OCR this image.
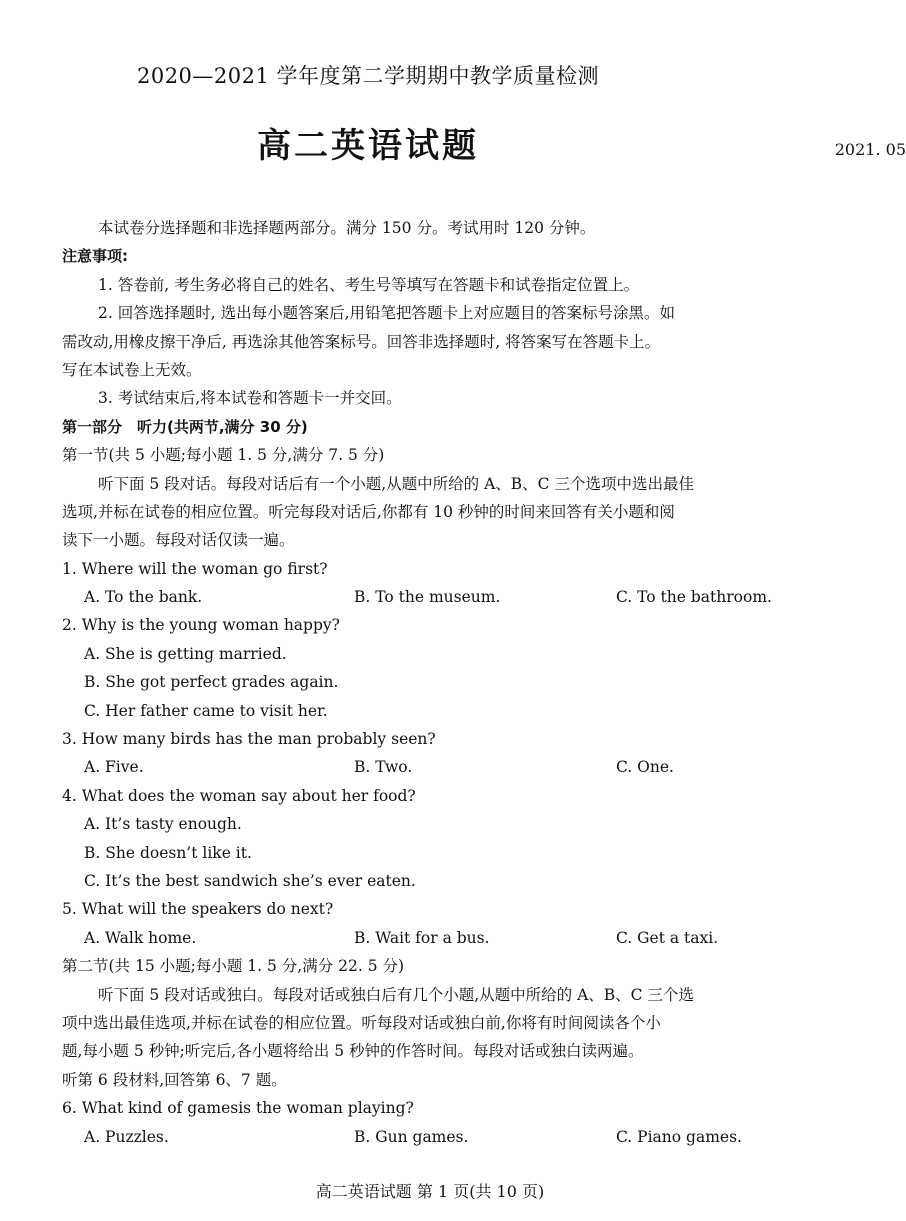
2020—2021 学年度第二学期期中教学质量检测
高二英语试题	2021. 05
本试卷分选择题和非选择题两部分。满分 150 分。考试用时 120 分钟。
注意事项:
1. 答卷前, 考生务必将自己的姓名、考生号等填写在答题卡和试卷指定位置上。
2. 回答选择题时, 选出每小题答案后,用铅笔把答题卡上对应题目的答案标号涂黑。如
需改动,用橡皮擦干净后, 再选涂其他答案标号。回答非选择题时, 将答案写在答题卡上。
写在本试卷上无效。
3. 考试结束后,将本试卷和答题卡一并交回。
第一部分　听力(共两节,满分 30 分)
第一节(共 5 小题;每小题 1. 5 分,满分 7. 5 分)
听下面 5 段对话。每段对话后有一个小题,从题中所给的 A、B、C 三个选项中选出最佳
选项,并标在试卷的相应位置。听完每段对话后,你都有 10 秒钟的时间来回答有关小题和阅
读下一小题。每段对话仅读一遍。
1. Where will the woman go first?
A. To the bank.	B. To the museum.	C. To the bathroom.
2. Why is the young woman happy?
A. She is getting married.
B. She got perfect grades again.
C. Her father came to visit her.
3. How many birds has the man probably seen?
A. Five.	B. Two.	C. One.
4. What does the woman say about her food?
A. It’s tasty enough.
B. She doesn’t like it.
C. It’s the best sandwich she’s ever eaten.
5. What will the speakers do next?
A. Walk home.	B. Wait for a bus.	C. Get a taxi.
第二节(共 15 小题;每小题 1. 5 分,满分 22. 5 分)
听下面 5 段对话或独白。每段对话或独白后有几个小题,从题中所给的 A、B、C 三个选
项中选出最佳选项,并标在试卷的相应位置。听每段对话或独白前,你将有时间阅读各个小
题,每小题 5 秒钟;听完后,各小题将给出 5 秒钟的作答时间。每段对话或独白读两遍。
听第 6 段材料,回答第 6、7 题。
6. What kind of gamesis the woman playing?
A. Puzzles.	B. Gun games.	C. Piano games.
高二英语试题 第 1 页(共 10 页)
